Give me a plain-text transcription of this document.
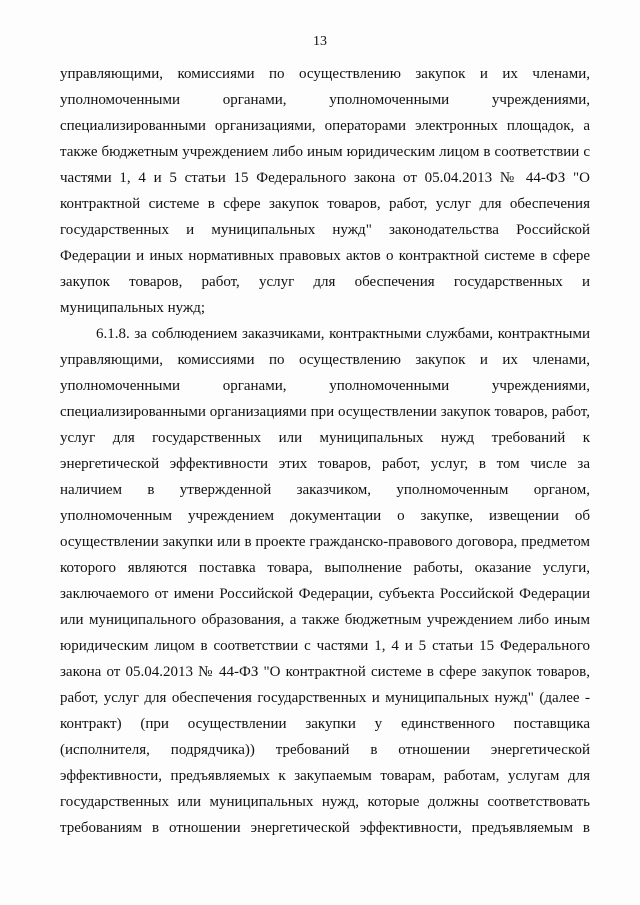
13
управляющими, комиссиями по осуществлению закупок и их членами,
уполномоченными органами, уполномоченными учреждениями,
специализированными организациями, операторами электронных площадок, а
также бюджетным учреждением либо иным юридическим лицом в соответствии с
частями 1, 4 и 5 статьи 15 Федерального закона от 05.04.2013 № 44-ФЗ "О
контрактной системе в сфере закупок товаров, работ, услуг для обеспечения
государственных и муниципальных нужд" законодательства Российской
Федерации и иных нормативных правовых актов о контрактной системе в сфере
закупок товаров, работ, услуг для обеспечения государственных и
муниципальных нужд;
6.1.8. за соблюдением заказчиками, контрактными службами, контрактными
управляющими, комиссиями по осуществлению закупок и их членами,
уполномоченными органами, уполномоченными учреждениями,
специализированными организациями при осуществлении закупок товаров, работ,
услуг для государственных или муниципальных нужд требований к
энергетической эффективности этих товаров, работ, услуг, в том числе за
наличием в утвержденной заказчиком, уполномоченным органом,
уполномоченным учреждением документации о закупке, извещении об
осуществлении закупки или в проекте гражданско-правового договора, предметом
которого являются поставка товара, выполнение работы, оказание услуги,
заключаемого от имени Российской Федерации, субъекта Российской Федерации
или муниципального образования, а также бюджетным учреждением либо иным
юридическим лицом в соответствии с частями 1, 4 и 5 статьи 15 Федерального
закона от 05.04.2013 № 44-ФЗ "О контрактной системе в сфере закупок товаров,
работ, услуг для обеспечения государственных и муниципальных нужд" (далее -
контракт) (при осуществлении закупки у единственного поставщика
(исполнителя, подрядчика)) требований в отношении энергетической
эффективности, предъявляемых к закупаемым товарам, работам, услугам для
государственных или муниципальных нужд, которые должны соответствовать
требованиям в отношении энергетической эффективности, предъявляемым в
